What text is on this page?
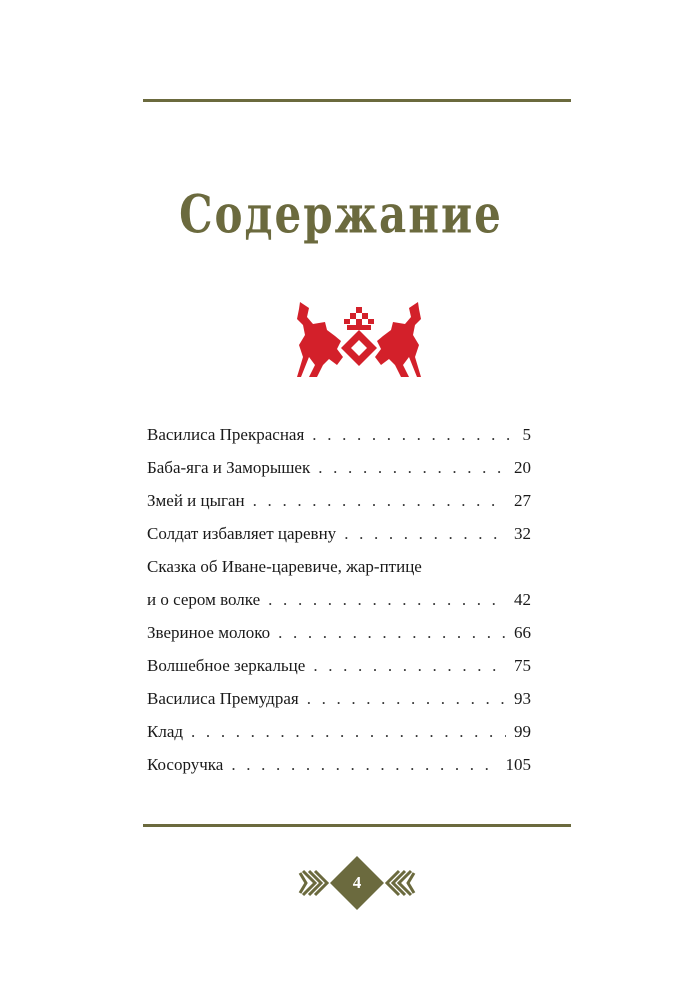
Содержание
Василиса Прекрасная . . .	5
Баба-яга и Заморышек . . .	20
Змей и цыган . . .	27
Солдат избавляет царевну . . .	32
Сказка об Иване-царевиче, жар-птице
и о сером волке . . .	42
Звериное молоко . . .	66
Волшебное зеркальце . . .	75
Василиса Премудрая . . .	93
Клад . . .	99
Косоручка . . .	105
4
